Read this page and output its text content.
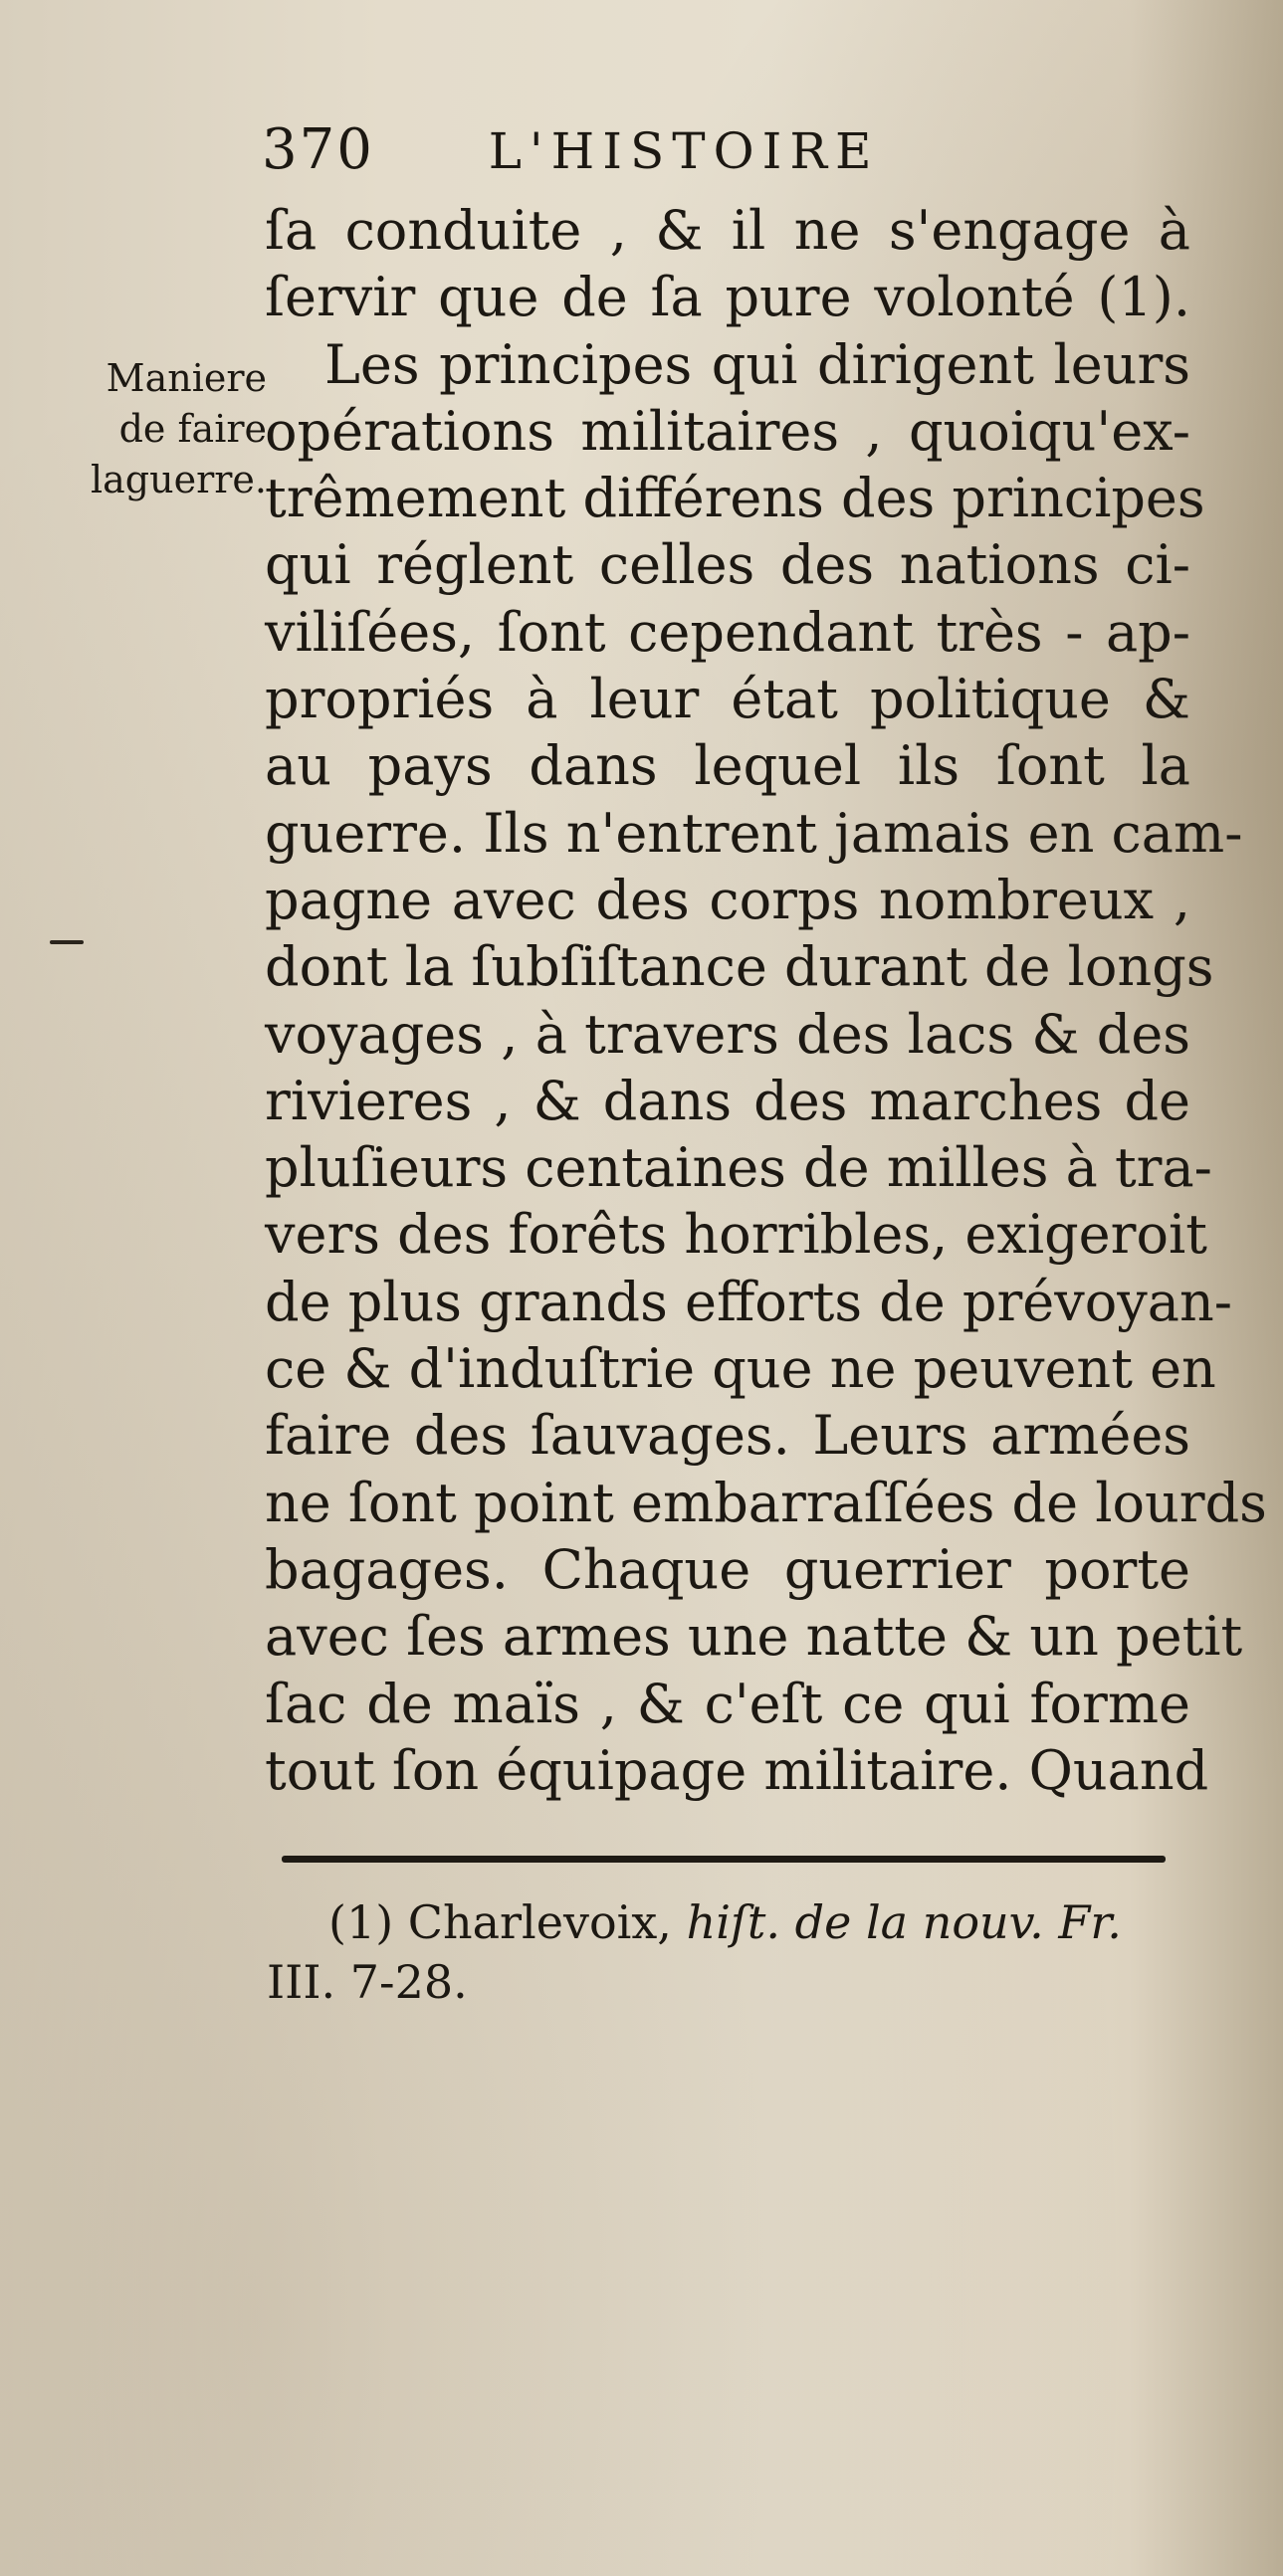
370 L'HISTOIRE
Maniere
de faire
laguerre.
ſa conduite , & il ne s'engage à
ſervir que de ſa pure volonté (1).
Les principes qui dirigent leurs
opérations militaires , quoiqu'ex-
trêmement différens des principes
qui réglent celles des nations ci-
viliſées, ſont cependant très - ap-
propriés à leur état politique &
au pays dans lequel ils ſont la
guerre. Ils n'entrent jamais en cam-
pagne avec des corps nombreux ,
dont la ſubſiſtance durant de longs
voyages , à travers des lacs & des
rivieres , & dans des marches de
pluſieurs centaines de milles à tra-
vers des forêts horribles, exigeroit
de plus grands efforts de prévoyan-
ce & d'induſtrie que ne peuvent en
faire des ſauvages. Leurs armées
ne ſont point embarraſſées de lourds
bagages. Chaque guerrier porte
avec ſes armes une natte & un petit
ſac de maïs , & c'eſt ce qui forme
tout ſon équipage militaire. Quand
(1) Charlevoix, hiſt. de la nouv. Fr.
III. 7-28.
